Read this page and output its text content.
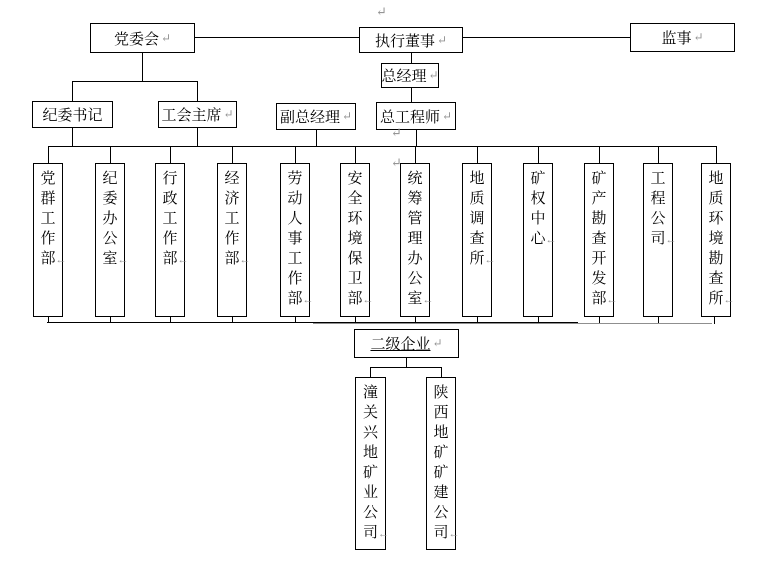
党委会 ↵	执行董事 ↵	监事 ↵
总经理 ↵
纪委书记	工会主席 ↵	副总经理 ↵ 总工程师 ↵
党群工作部←
纪委办公室←
行政工作部←
经济工作部←
劳动人事工作部←
安全环境保卫部←
统筹管理办公室←
地质调查所←
矿权中心←
矿产勘查开发部←
工程公司←
地质环境勘查所←
二级企业 ↵
潼关兴地矿业公司←
陕西地矿矿建公司←
↵
↵
↵
